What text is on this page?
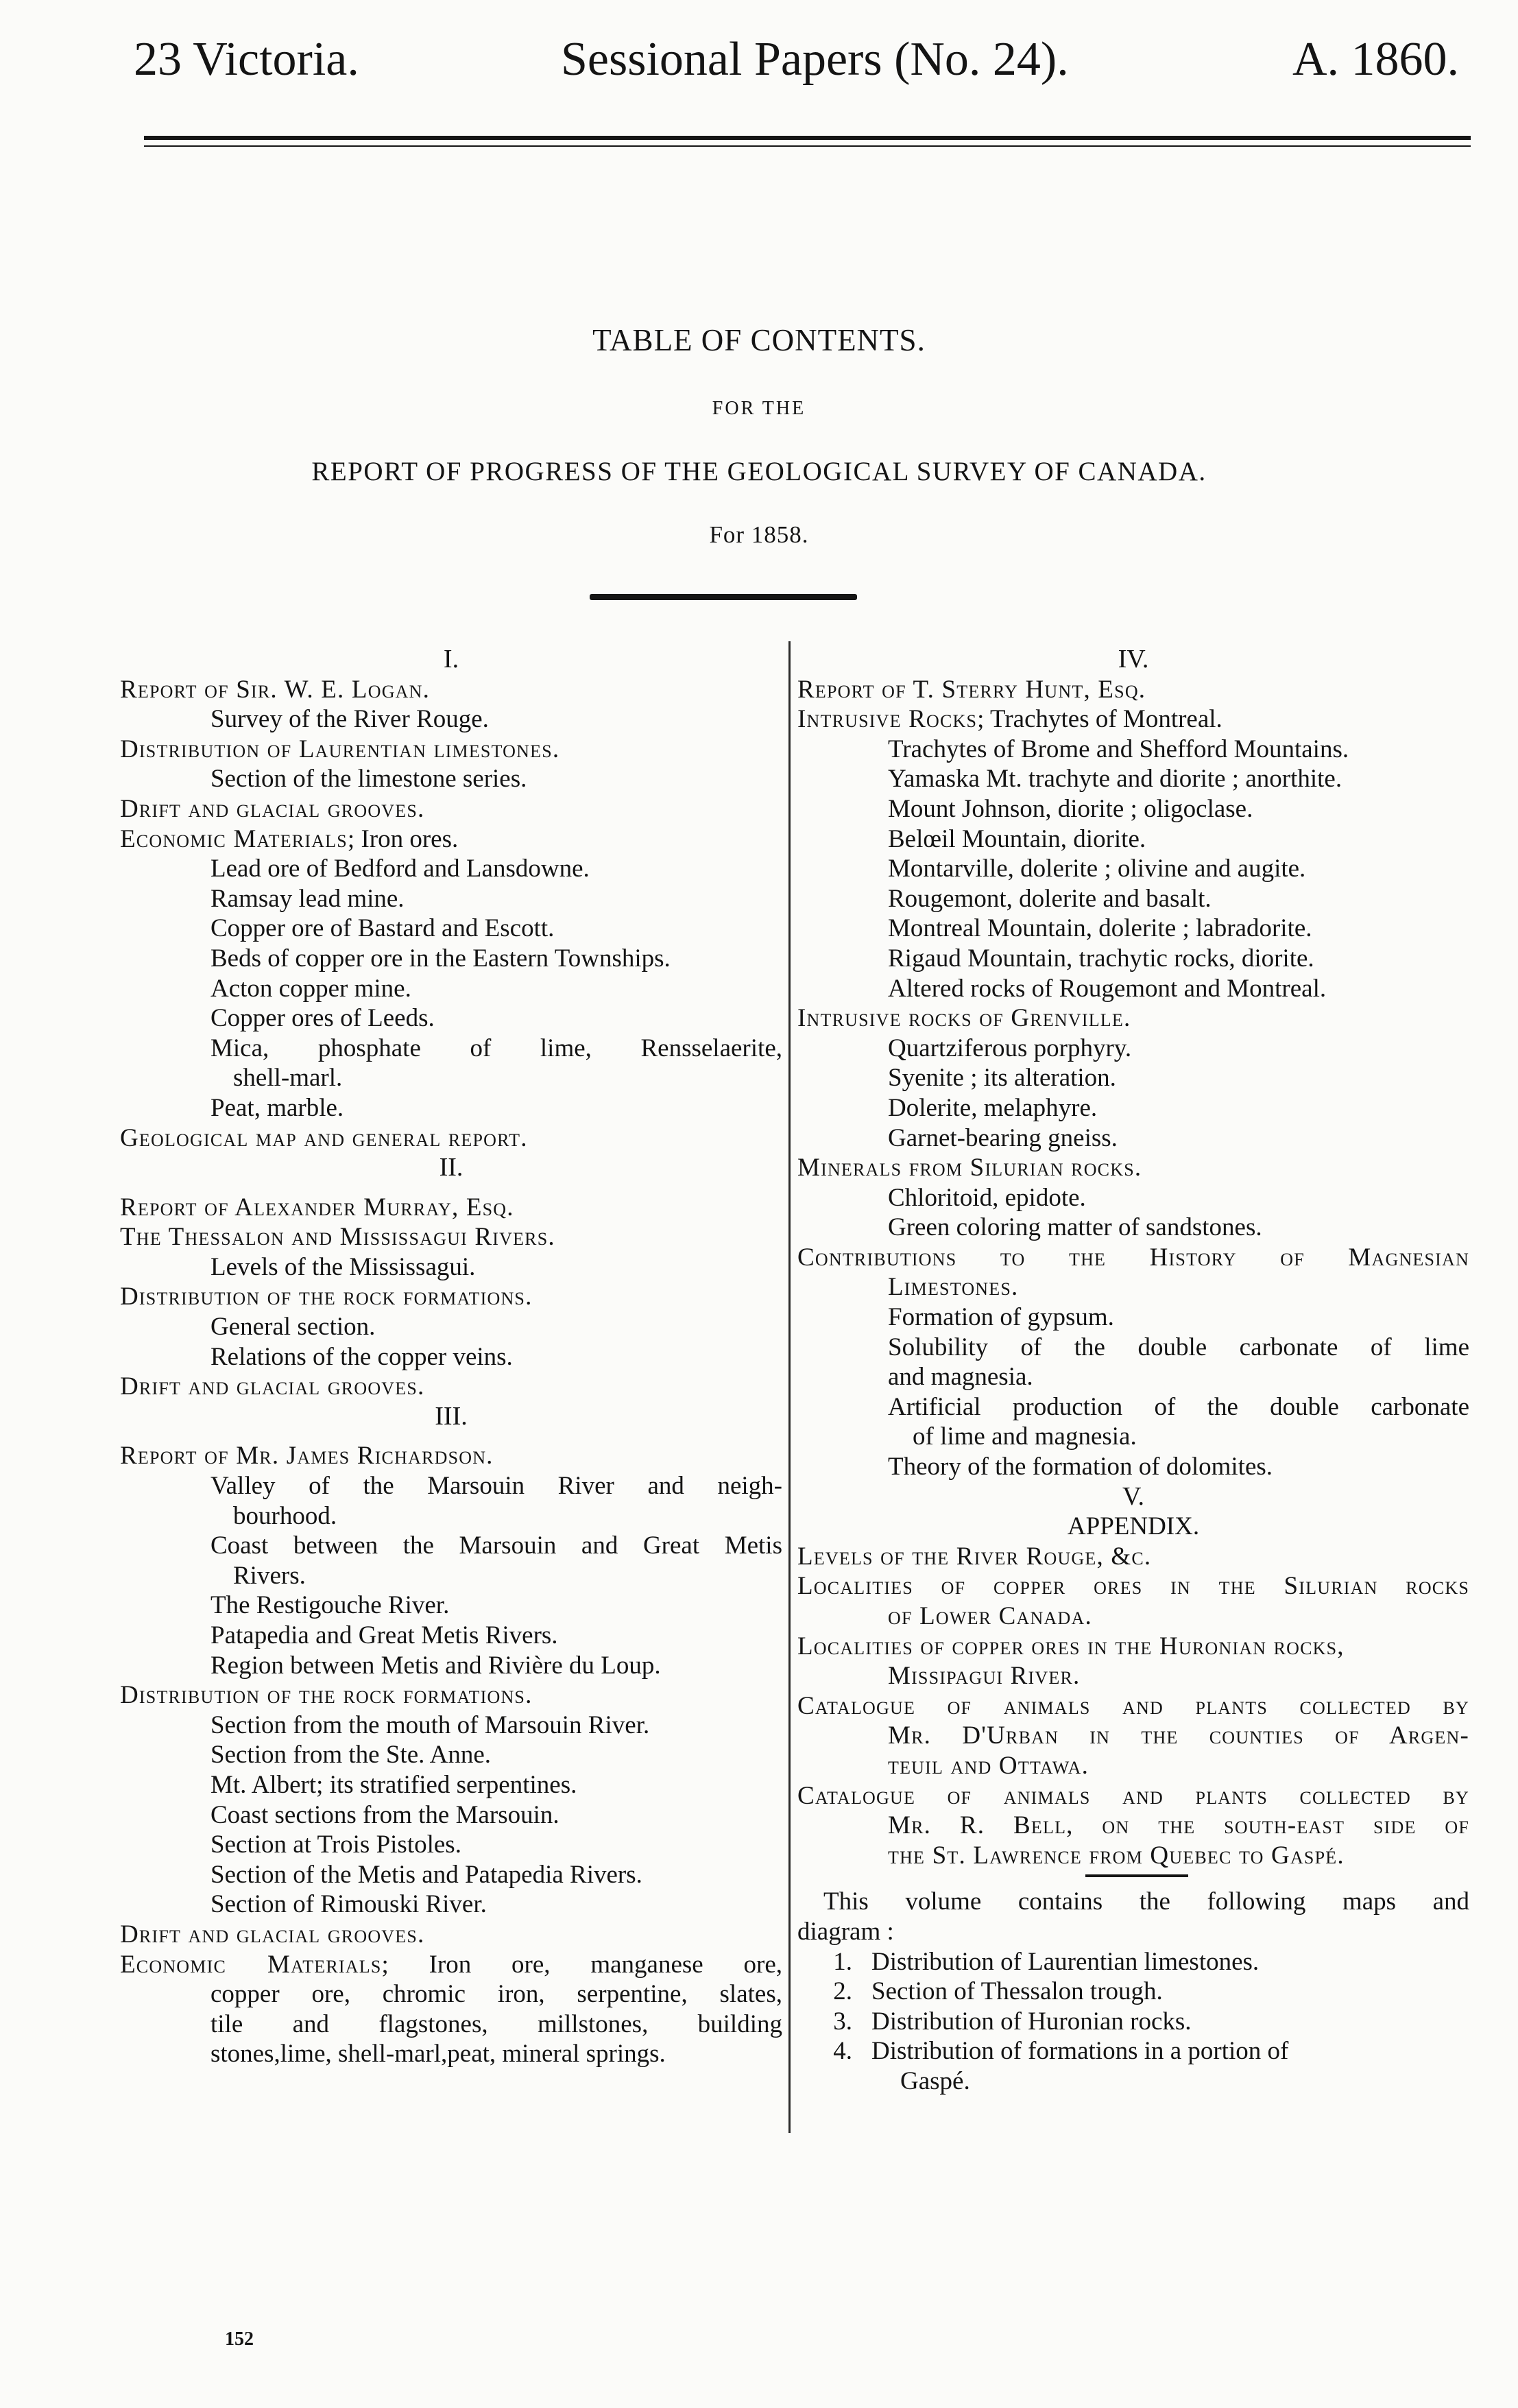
23 Victoria.	Sessional Papers (No. 24).	A. 1860.
TABLE OF CONTENTS.
FOR THE
REPORT OF PROGRESS OF THE GEOLOGICAL SURVEY OF CANADA.
For 1858.
I.
Report of Sir. W. E. Logan.
Survey of the River Rouge.
Distribution of Laurentian limestones.
Section of the limestone series.
Drift and glacial grooves.
Economic Materials; Iron ores.
Lead ore of Bedford and Lansdowne.
Ramsay lead mine.
Copper ore of Bastard and Escott.
Beds of copper ore in the Eastern Townships.
Acton copper mine.
Copper ores of Leeds.
Mica, phosphate of lime, Rensselaerite,
shell-marl.
Peat, marble.
Geological map and general report.
II.
Report of Alexander Murray, Esq.
The Thessalon and Mississagui Rivers.
Levels of the Mississagui.
Distribution of the rock formations.
General section.
Relations of the copper veins.
Drift and glacial grooves.
III.
Report of Mr. James Richardson.
Valley of the Marsouin River and neigh-
bourhood.
Coast between the Marsouin and Great Metis
Rivers.
The Restigouche River.
Patapedia and Great Metis Rivers.
Region between Metis and Rivière du Loup.
Distribution of the rock formations.
Section from the mouth of Marsouin River.
Section from the Ste. Anne.
Mt. Albert; its stratified serpentines.
Coast sections from the Marsouin.
Section at Trois Pistoles.
Section of the Metis and Patapedia Rivers.
Section of Rimouski River.
Drift and glacial grooves.
Economic Materials; Iron ore, manganese ore,
copper ore, chromic iron, serpentine, slates,
tile and flagstones, millstones, building
stones,lime, shell-marl,peat, mineral springs.
IV.
Report of T. Sterry Hunt, Esq.
Intrusive Rocks; Trachytes of Montreal.
Trachytes of Brome and Shefford Mountains.
Yamaska Mt. trachyte and diorite ; anorthite.
Mount Johnson, diorite ; oligoclase.
Belœil Mountain, diorite.
Montarville, dolerite ; olivine and augite.
Rougemont, dolerite and basalt.
Montreal Mountain, dolerite ; labradorite.
Rigaud Mountain, trachytic rocks, diorite.
Altered rocks of Rougemont and Montreal.
Intrusive rocks of Grenville.
Quartziferous porphyry.
Syenite ; its alteration.
Dolerite, melaphyre.
Garnet-bearing gneiss.
Minerals from Silurian rocks.
Chloritoid, epidote.
Green coloring matter of sandstones.
Contributions to the History of Magnesian
Limestones.
Formation of gypsum.
Solubility of the double carbonate of lime
and magnesia.
Artificial production of the double carbonate
of lime and magnesia.
Theory of the formation of dolomites.
V.
APPENDIX.
Levels of the River Rouge, &c.
Localities of copper ores in the Silurian rocks
of Lower Canada.
Localities of copper ores in the Huronian rocks,
Missipagui River.
Catalogue of animals and plants collected by
Mr. D'Urban in the counties of Argen-
teuil and Ottawa.
Catalogue of animals and plants collected by
Mr. R. Bell, on the south-east side of
the St. Lawrence from Quebec to Gaspé.
This volume contains the following maps and
diagram :
1. Distribution of Laurentian limestones.
2. Section of Thessalon trough.
3. Distribution of Huronian rocks.
4. Distribution of formations in a portion of
Gaspé.
152
